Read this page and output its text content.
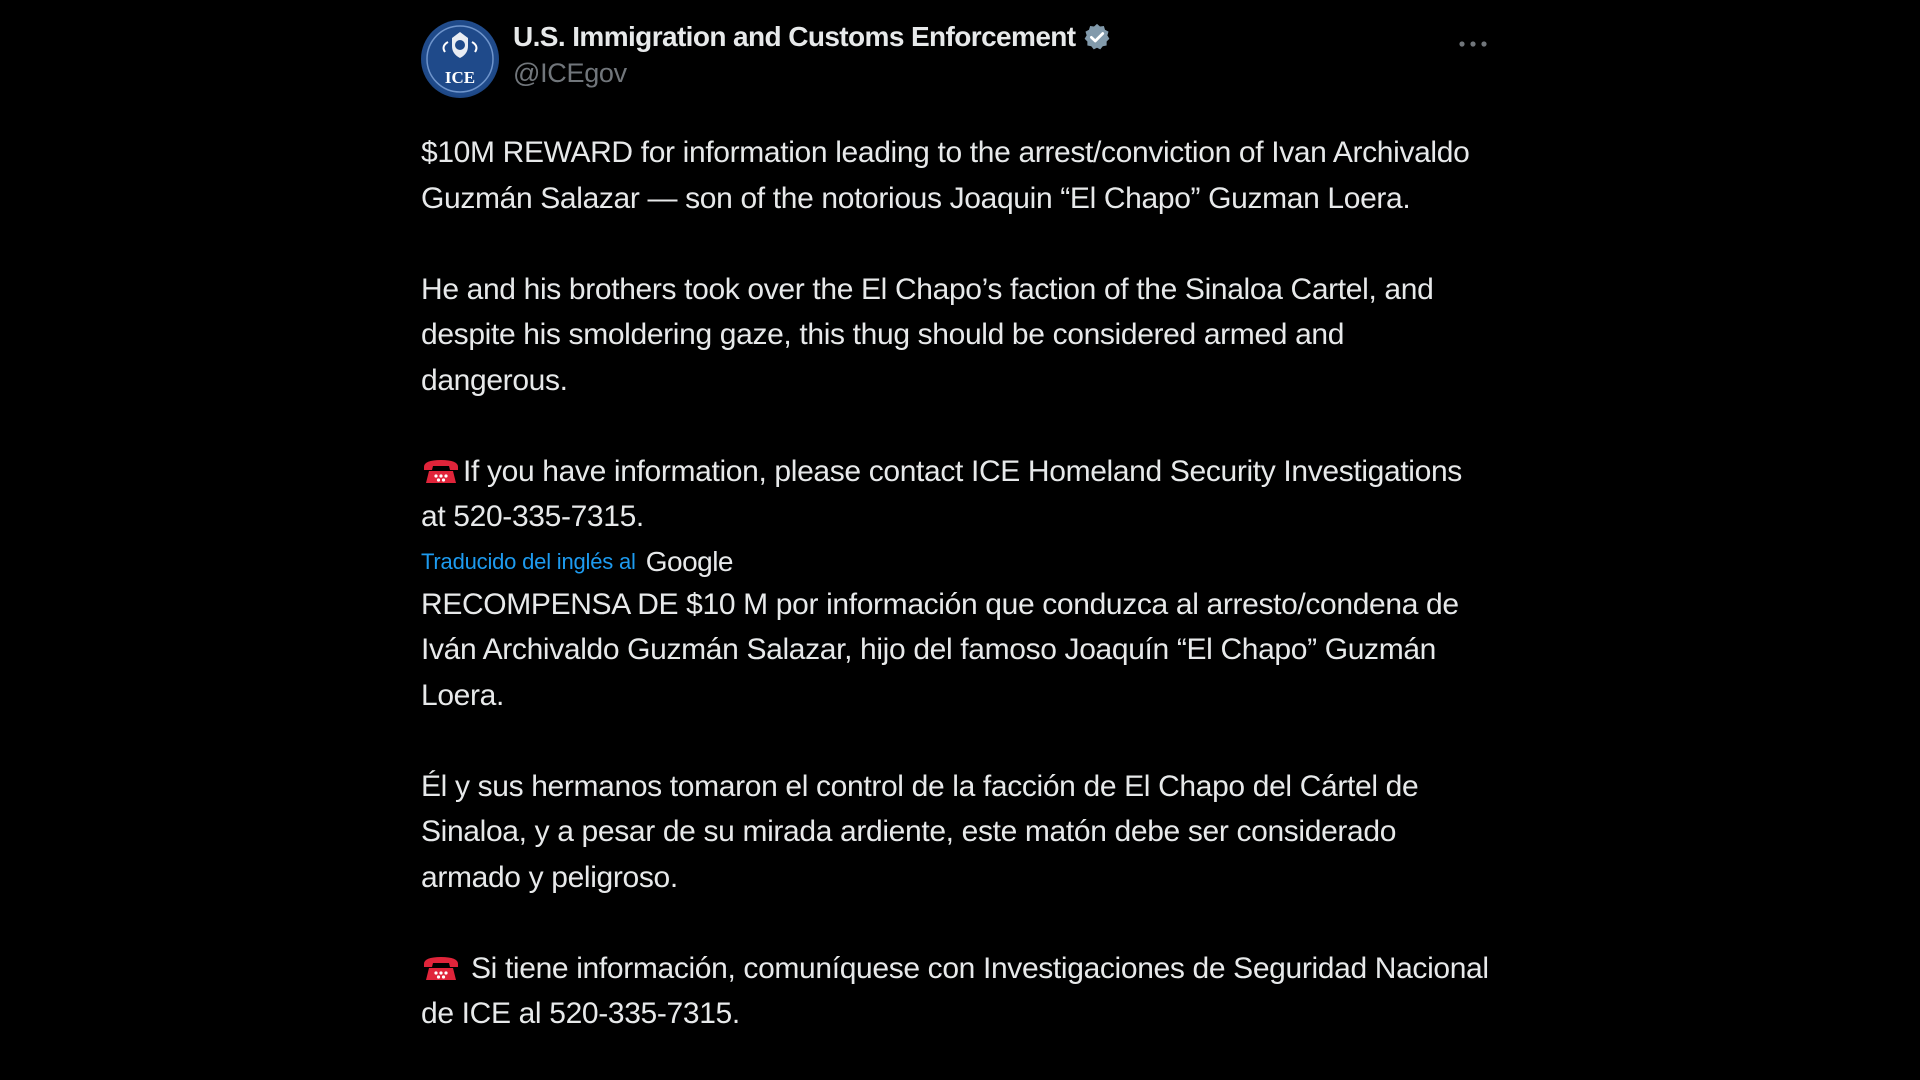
ICE
U.S. Immigration and Customs Enforcement
@ICEgov

$10M REWARD for information leading to the arrest/conviction of Ivan Archivaldo Guzmán Salazar — son of the notorious Joaquin “El Chapo” Guzman Loera.

He and his brothers took over the El Chapo’s faction of the Sinaloa Cartel, and despite his smoldering gaze, this thug should be considered armed and dangerous.

If you have information, please contact ICE Homeland Security Investigations at 520-335-7315.

Traducido del inglés al Google

RECOMPENSA DE $10 M por información que conduzca al arresto/condena de Iván Archivaldo Guzmán Salazar, hijo del famoso Joaquín “El Chapo” Guzmán Loera.

Él y sus hermanos tomaron el control de la facción de El Chapo del Cártel de Sinaloa, y a pesar de su mirada ardiente, este matón debe ser considerado armado y peligroso.

Si tiene información, comuníquese con Investigaciones de Seguridad Nacional de ICE al 520-335-7315.
